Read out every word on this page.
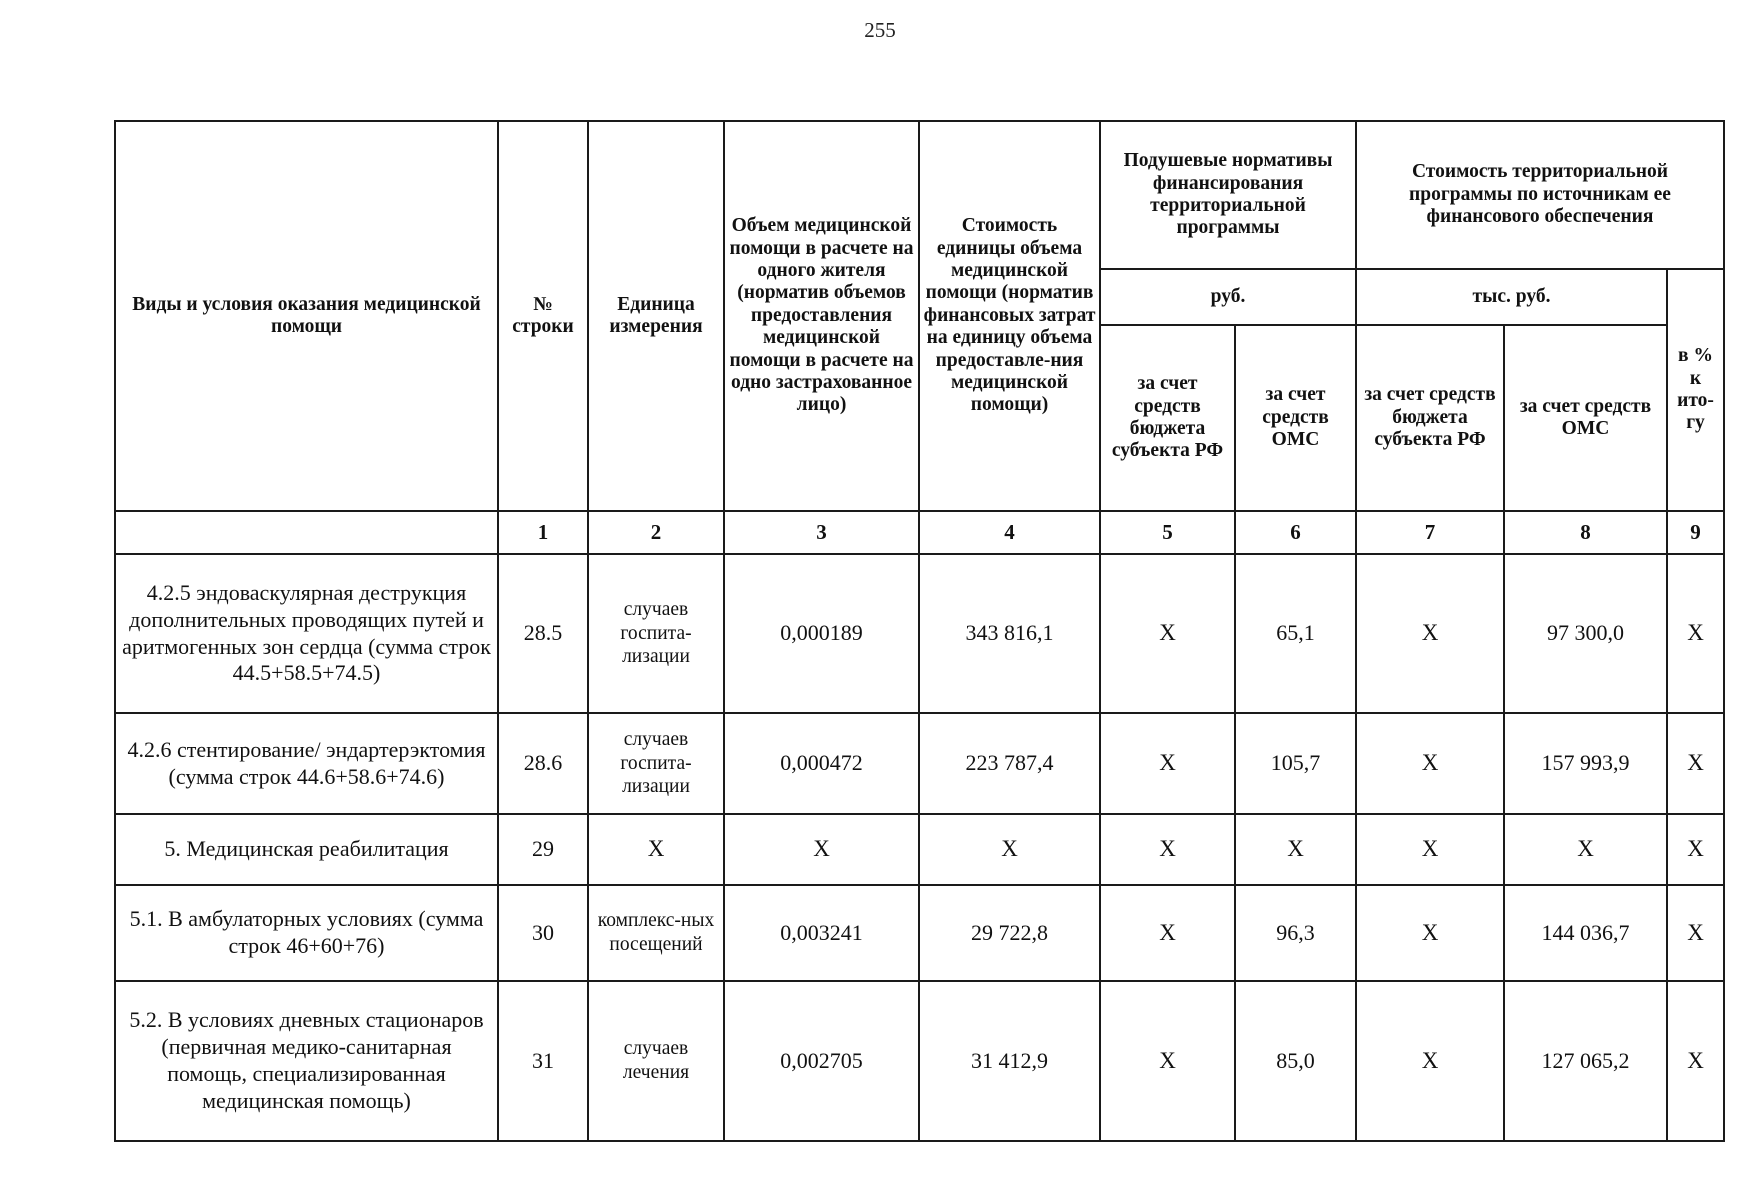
255
Виды и условия оказания медицинской помощи	№ строки	Единица измерения	Объем медицинской помощи в расчете на одного жителя (норматив объемов предоставления медицинской помощи в расчете на одно застрахованное лицо)	Стоимость единицы объема медицинской помощи (норматив финансовых затрат на единицу объема предоставле-ния медицинской помощи)	Подушевые нормативы финансирования территориальной программы		Стоимость территориальной программы по источникам ее финансового обеспечения		
					руб.		тыс. руб.		в % к ито-гу
					за счет средств бюджета субъекта РФ	за счет средств ОМС	за счет средств бюджета субъекта РФ	за счет средств ОМС	
	1	2	3	4	5	6	7	8	9
4.2.5 эндоваскулярная деструкция дополнительных проводящих путей и аритмогенных зон сердца (сумма строк 44.5+58.5+74.5)	28.5	случаев госпита-лизации	0,000189	343 816,1	Х	65,1	Х	97 300,0	Х
4.2.6 стентирование/ эндартерэктомия (сумма строк 44.6+58.6+74.6)	28.6	случаев госпита-лизации	0,000472	223 787,4	Х	105,7	Х	157 993,9	Х
5. Медицинская реабилитация	29	Х	Х	Х	Х	Х	Х	Х	Х
5.1. В амбулаторных условиях (сумма строк 46+60+76)	30	комплекс-ных посещений	0,003241	29 722,8	Х	96,3	Х	144 036,7	Х
5.2. В условиях дневных стационаров (первичная медико-санитарная помощь, специализированная медицинская помощь)	31	случаев лечения	0,002705	31 412,9	Х	85,0	Х	127 065,2	Х
